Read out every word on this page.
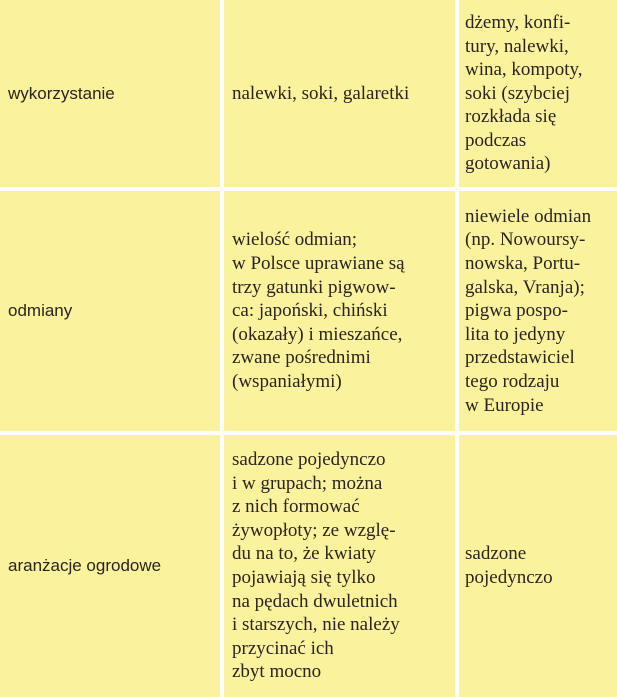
wykorzystanie	nalewki, soki, galaretki
dżemy, konfi-
tury, nalewki,
wina, kompoty,
soki (szybciej
rozkłada się
podczas
gotowania)
odmiany
wielość odmian;
w Polsce uprawiane są
trzy gatunki pigwow-
ca: japoński, chiński
(okazały) i mieszańce,
zwane pośrednimi
(wspaniałymi)
niewiele odmian
(np. Nowoursy-
nowska, Portu-
galska, Vranja);
pigwa pospo-
lita to jedyny
przedstawiciel
tego rodzaju
w Europie
aranżacje ogrodowe
sadzone pojedynczo
i w grupach; można
z nich formować
żywopłoty; ze wzglę-
du na to, że kwiaty
pojawiają się tylko
na pędach dwuletnich
i starszych, nie należy
przycinać ich
zbyt mocno
sadzone
pojedynczo
